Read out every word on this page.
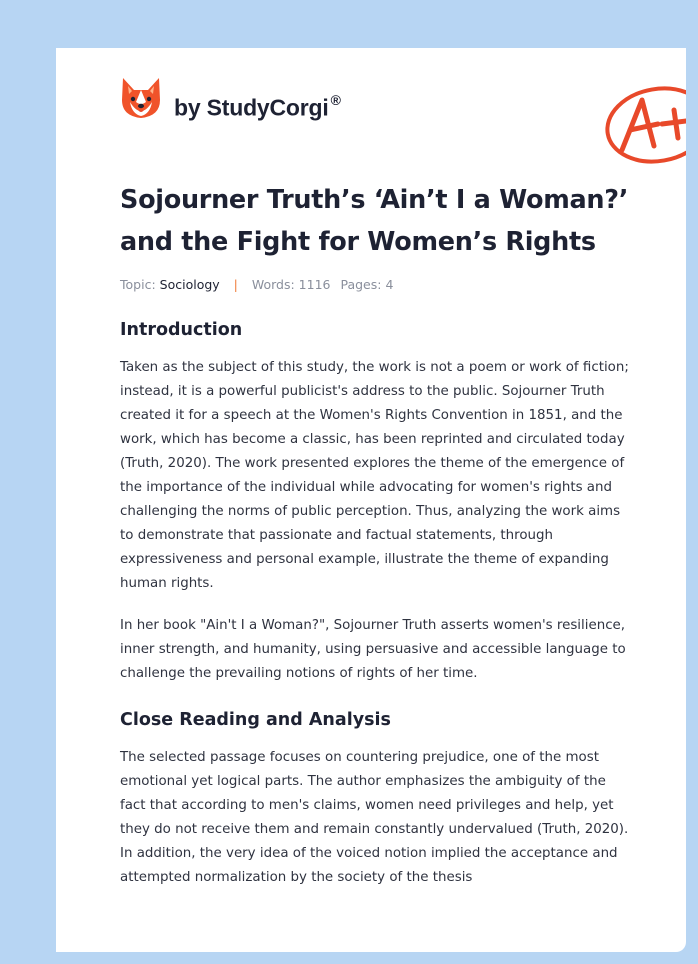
by StudyCorgi ®
Sojourner Truth’s ‘Ain’t I a Woman?’ and the Fight for Women’s Rights
Topic: Sociology | Words: 1116 Pages: 4
Introduction

Taken as the subject of this study, the work is not a poem or work of fiction; instead, it is a powerful publicist's address to the public. Sojourner Truth created it for a speech at the Women's Rights Convention in 1851, and the work, which has become a classic, has been reprinted and circulated today (Truth, 2020). The work presented explores the theme of the emergence of the importance of the individual while advocating for women's rights and challenging the norms of public perception. Thus, analyzing the work aims to demonstrate that passionate and factual statements, through expressiveness and personal example, illustrate the theme of expanding human rights.

In her book "Ain't I a Woman?", Sojourner Truth asserts women's resilience, inner strength, and humanity, using persuasive and accessible language to challenge the prevailing notions of rights of her time.

Close Reading and Analysis

The selected passage focuses on countering prejudice, one of the most emotional yet logical parts. The author emphasizes the ambiguity of the fact that according to men's claims, women need privileges and help, yet they do not receive them and remain constantly undervalued (Truth, 2020). In addition, the very idea of the voiced notion implied the acceptance and attempted normalization by the society of the thesis
